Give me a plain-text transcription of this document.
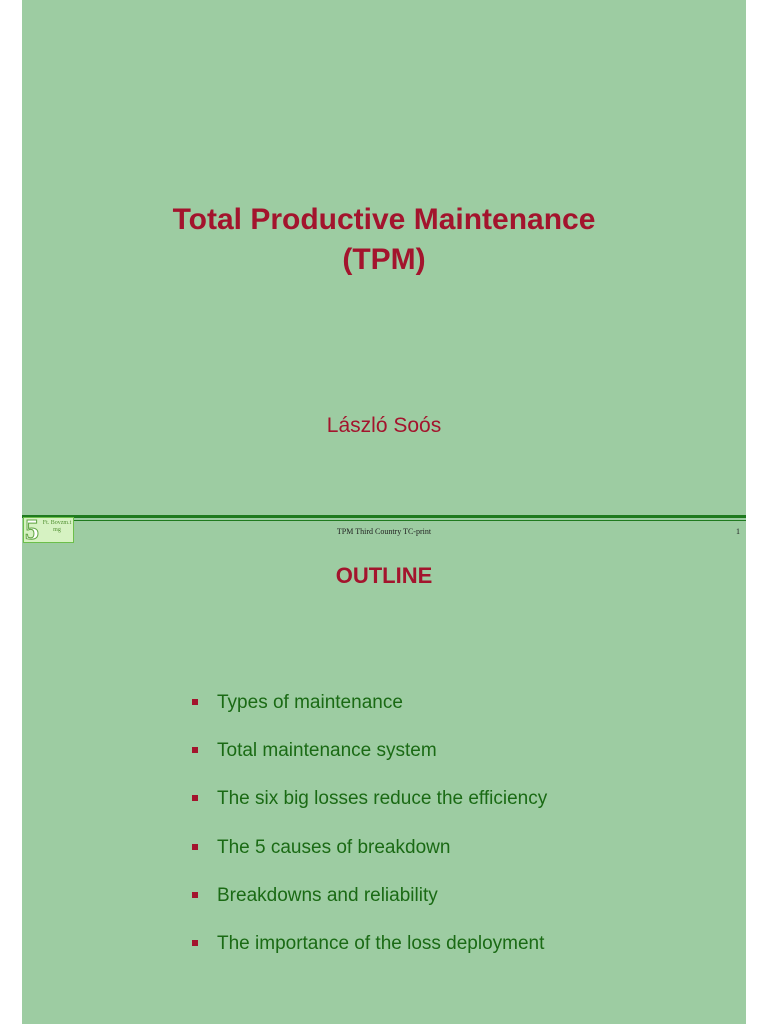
Total Productive Maintenance
(TPM)
László Soós
5 Ft. Bovzm.t mg	TPM Third Country TC-print	1
OUTLINE
Types of maintenance
Total maintenance system
The six big losses reduce the efficiency
The 5 causes of breakdown
Breakdowns and reliability
The importance of the loss deployment
